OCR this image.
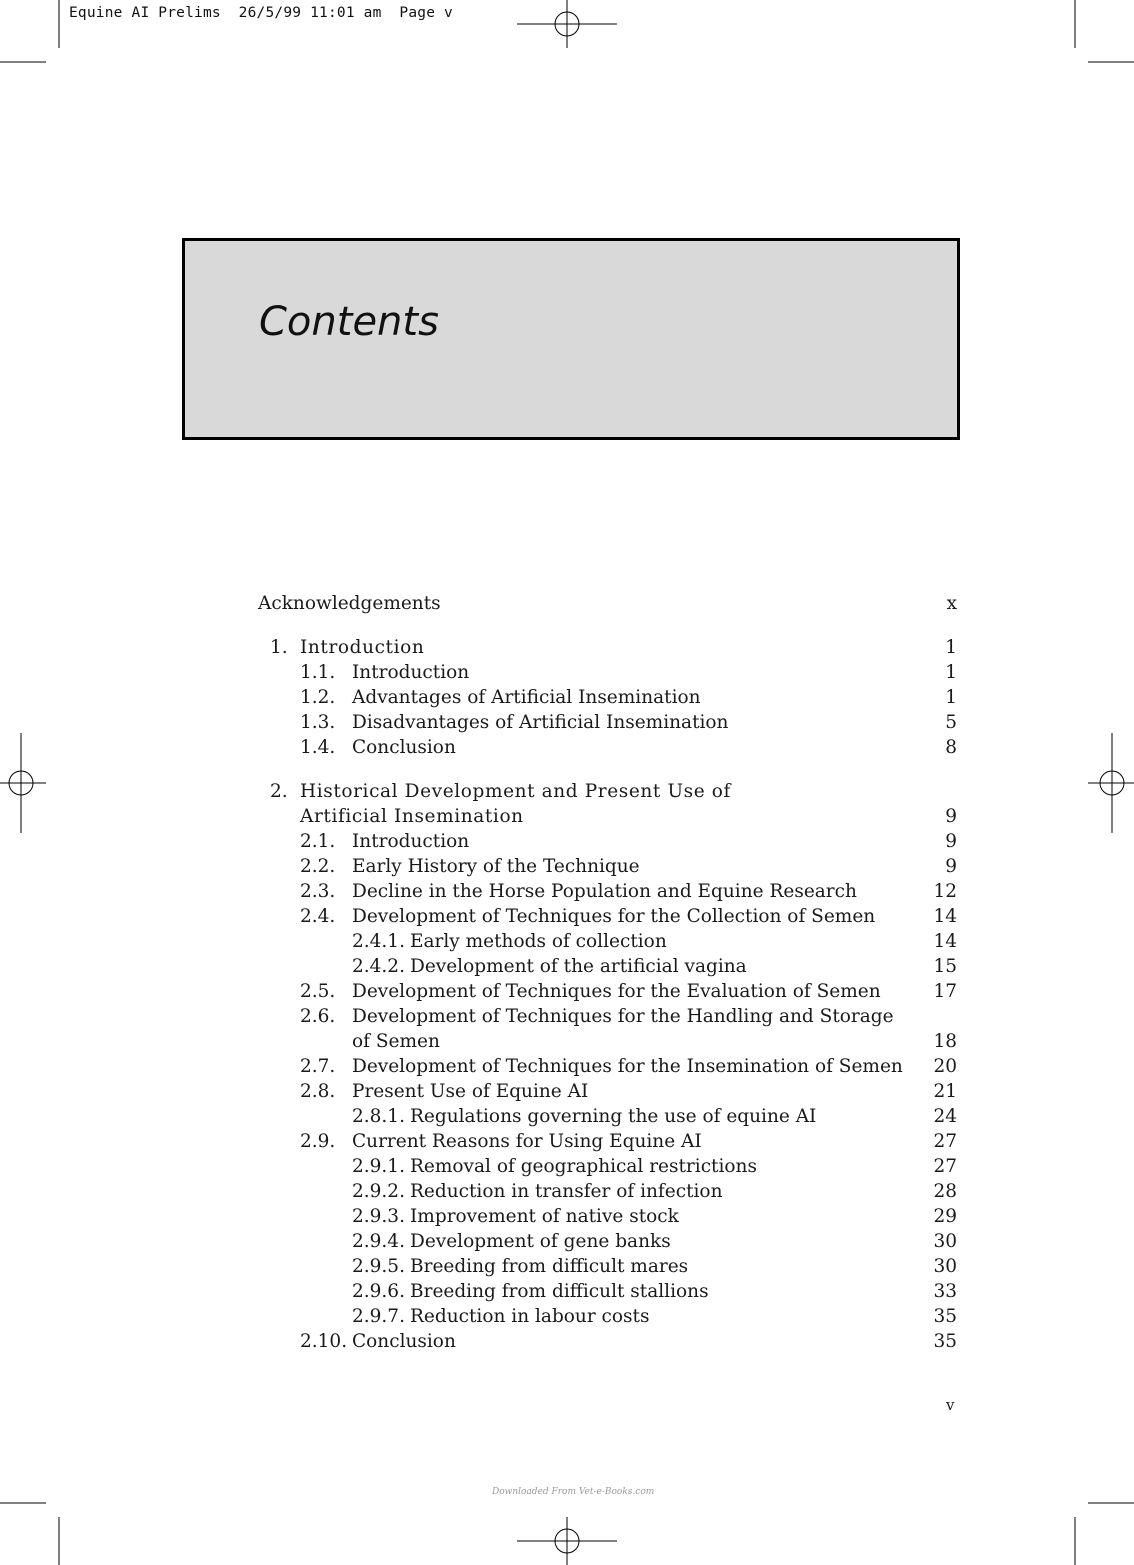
Equine AI Prelims  26/5/99 11:01 am  Page v
Contents
Acknowledgements	x
1. Introduction	1
1.1. Introduction	1
1.2. Advantages of Artificial Insemination	1
1.3. Disadvantages of Artificial Insemination	5
1.4. Conclusion	8
2. Historical Development and Present Use of
Artificial Insemination	9
2.1. Introduction	9
2.2. Early History of the Technique	9
2.3. Decline in the Horse Population and Equine Research	12
2.4. Development of Techniques for the Collection of Semen	14
2.4.1. Early methods of collection	14
2.4.2. Development of the artificial vagina	15
2.5. Development of Techniques for the Evaluation of Semen	17
2.6. Development of Techniques for the Handling and Storage
of Semen	18
2.7. Development of Techniques for the Insemination of Semen 20
2.8. Present Use of Equine AI	21
2.8.1. Regulations governing the use of equine AI	24
2.9. Current Reasons for Using Equine AI	27
2.9.1. Removal of geographical restrictions	27
2.9.2. Reduction in transfer of infection	28
2.9.3. Improvement of native stock	29
2.9.4. Development of gene banks	30
2.9.5. Breeding from difficult mares	30
2.9.6. Breeding from difficult stallions	33
2.9.7. Reduction in labour costs	35
2.10. Conclusion	35
v
Downloaded From Vet-e-Books.com
